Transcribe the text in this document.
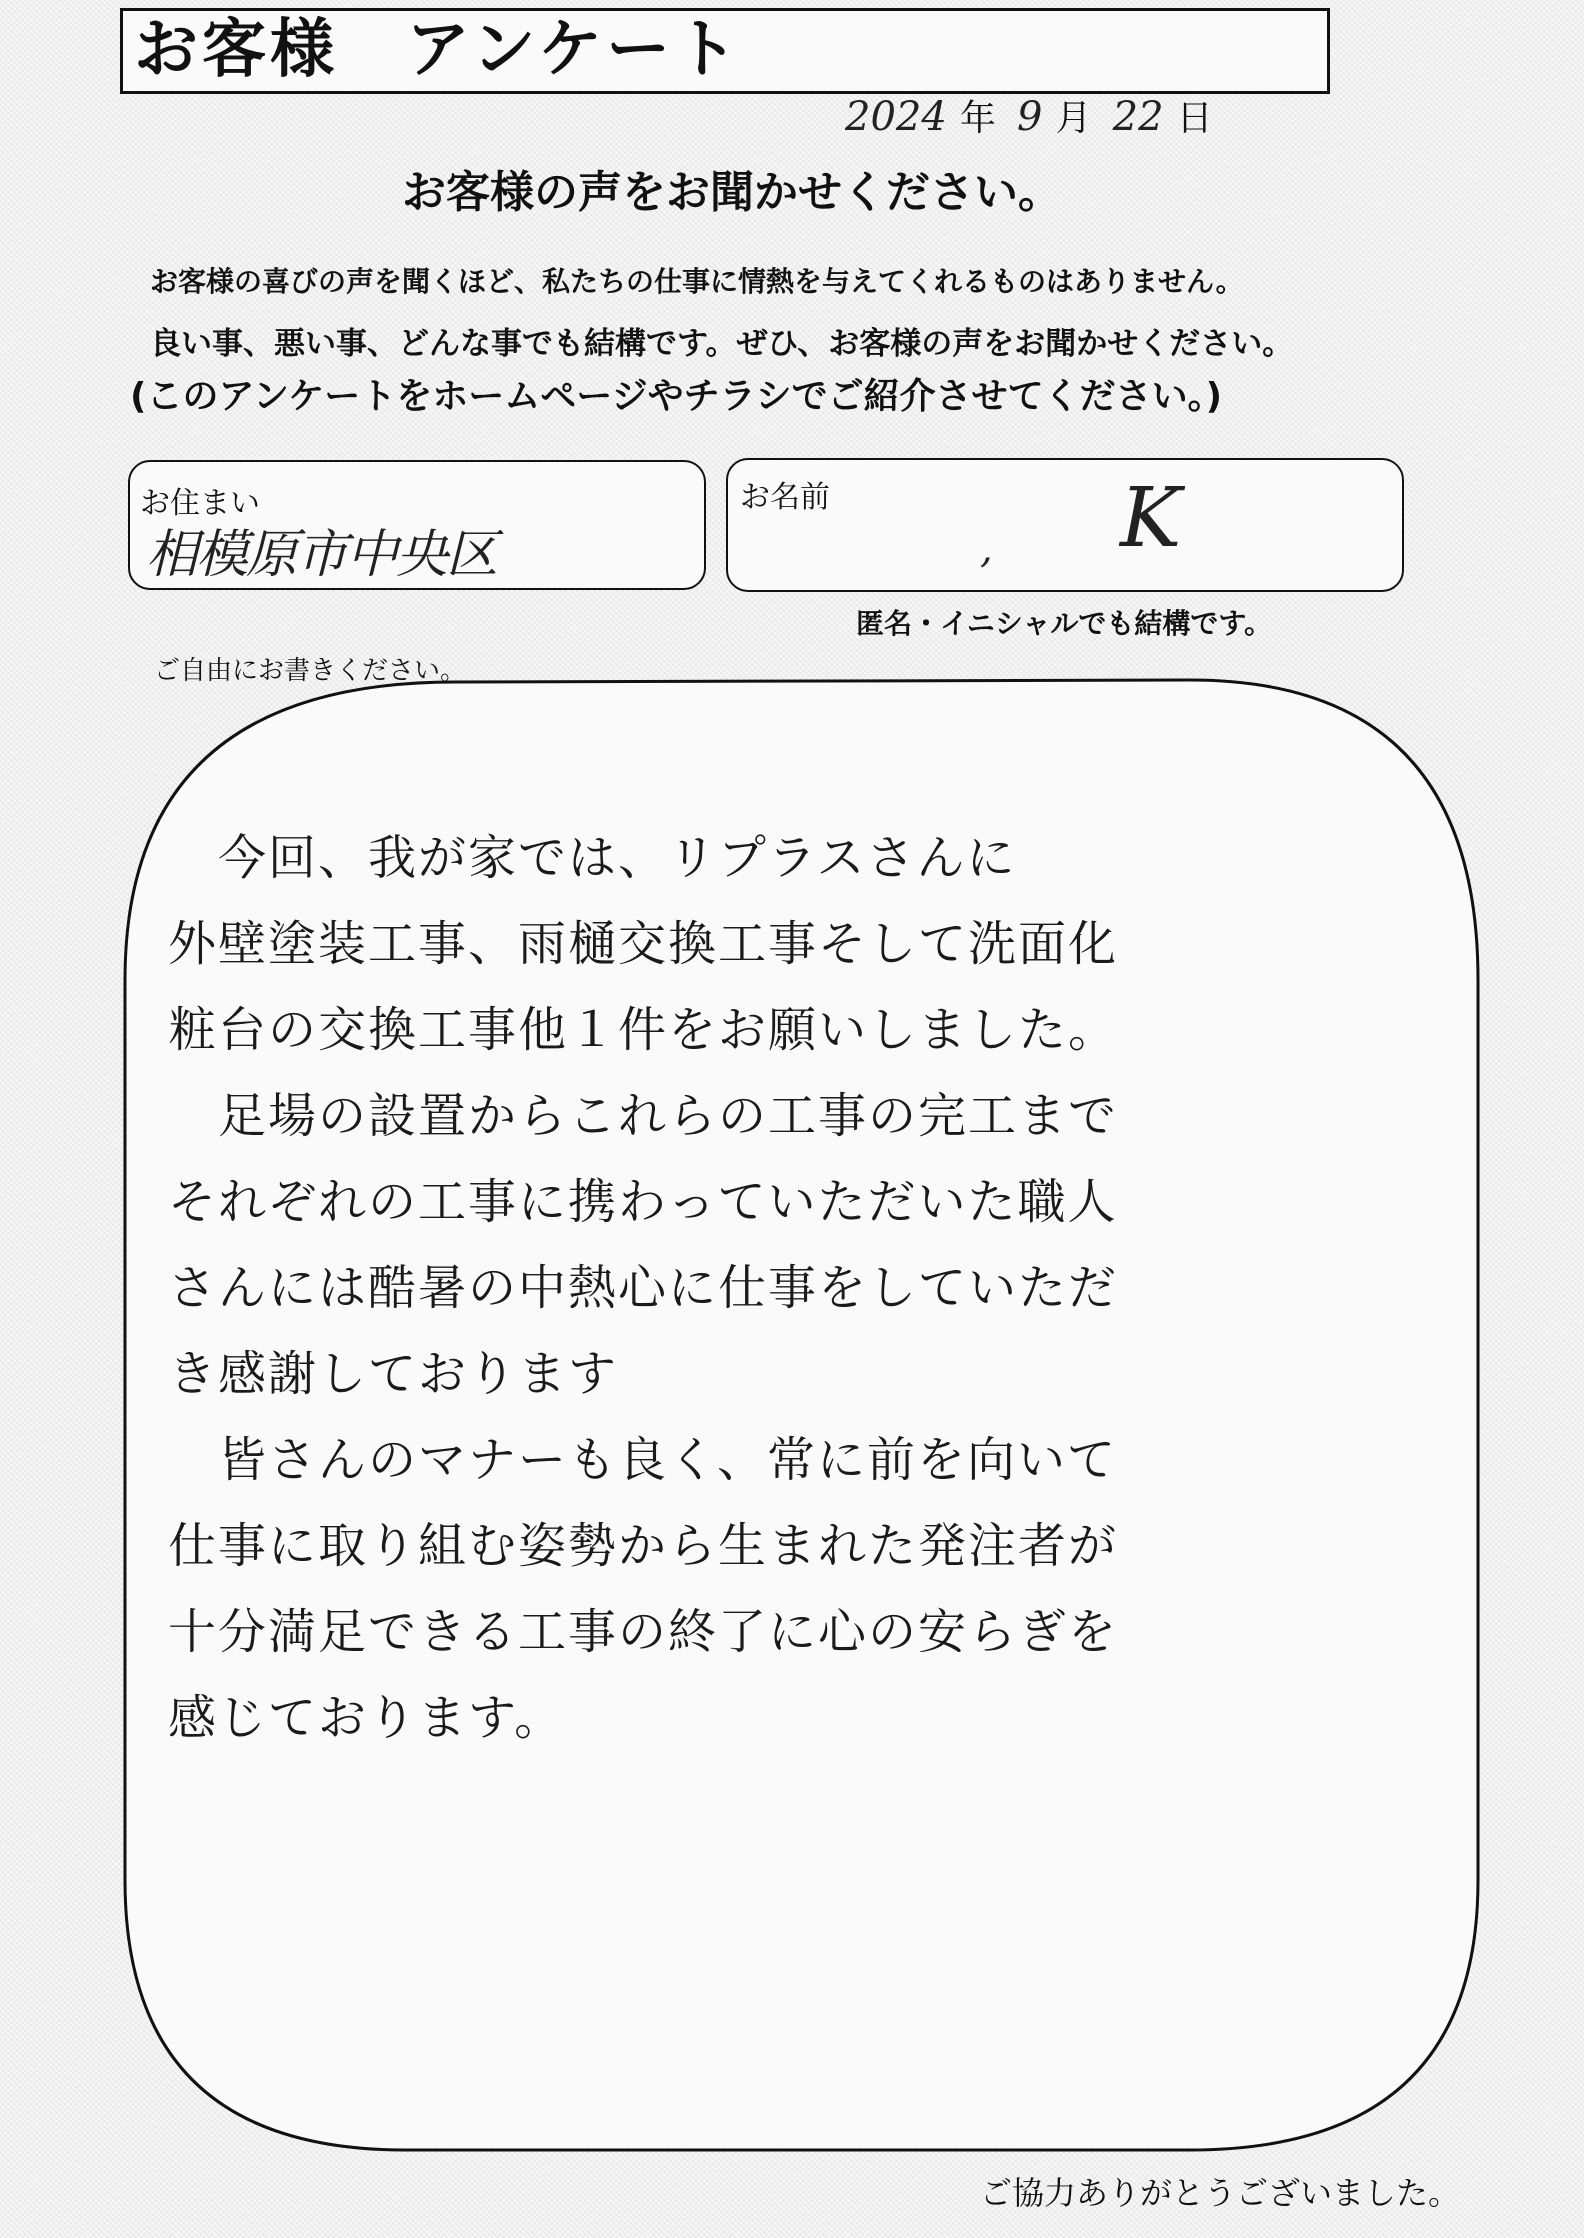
お客様　アンケート
2024 年 9 月 22 日
お客様の声をお聞かせください。
お客様の喜びの声を聞くほど、私たちの仕事に情熱を与えてくれるものはありません。
良い事、悪い事、どんな事でも結構です。ぜひ、お客様の声をお聞かせください。
(このアンケートをホームページやチラシでご紹介させてください。)
お住まい
相模原市中央区
お名前
, K
匿名・イニシャルでも結構です。
ご自由にお書きください。
　今回、我が家では、リプラスさんに
外壁塗装工事、雨樋交換工事そして洗面化
粧台の交換工事他１件をお願いしました。
　足場の設置からこれらの工事の完工まで
それぞれの工事に携わっていただいた職人
さんには酷暑の中熱心に仕事をしていただ
き感謝しております
　皆さんのマナーも良く、常に前を向いて
仕事に取り組む姿勢から生まれた発注者が
十分満足できる工事の終了に心の安らぎを
感じております。
ご協力ありがとうございました。
